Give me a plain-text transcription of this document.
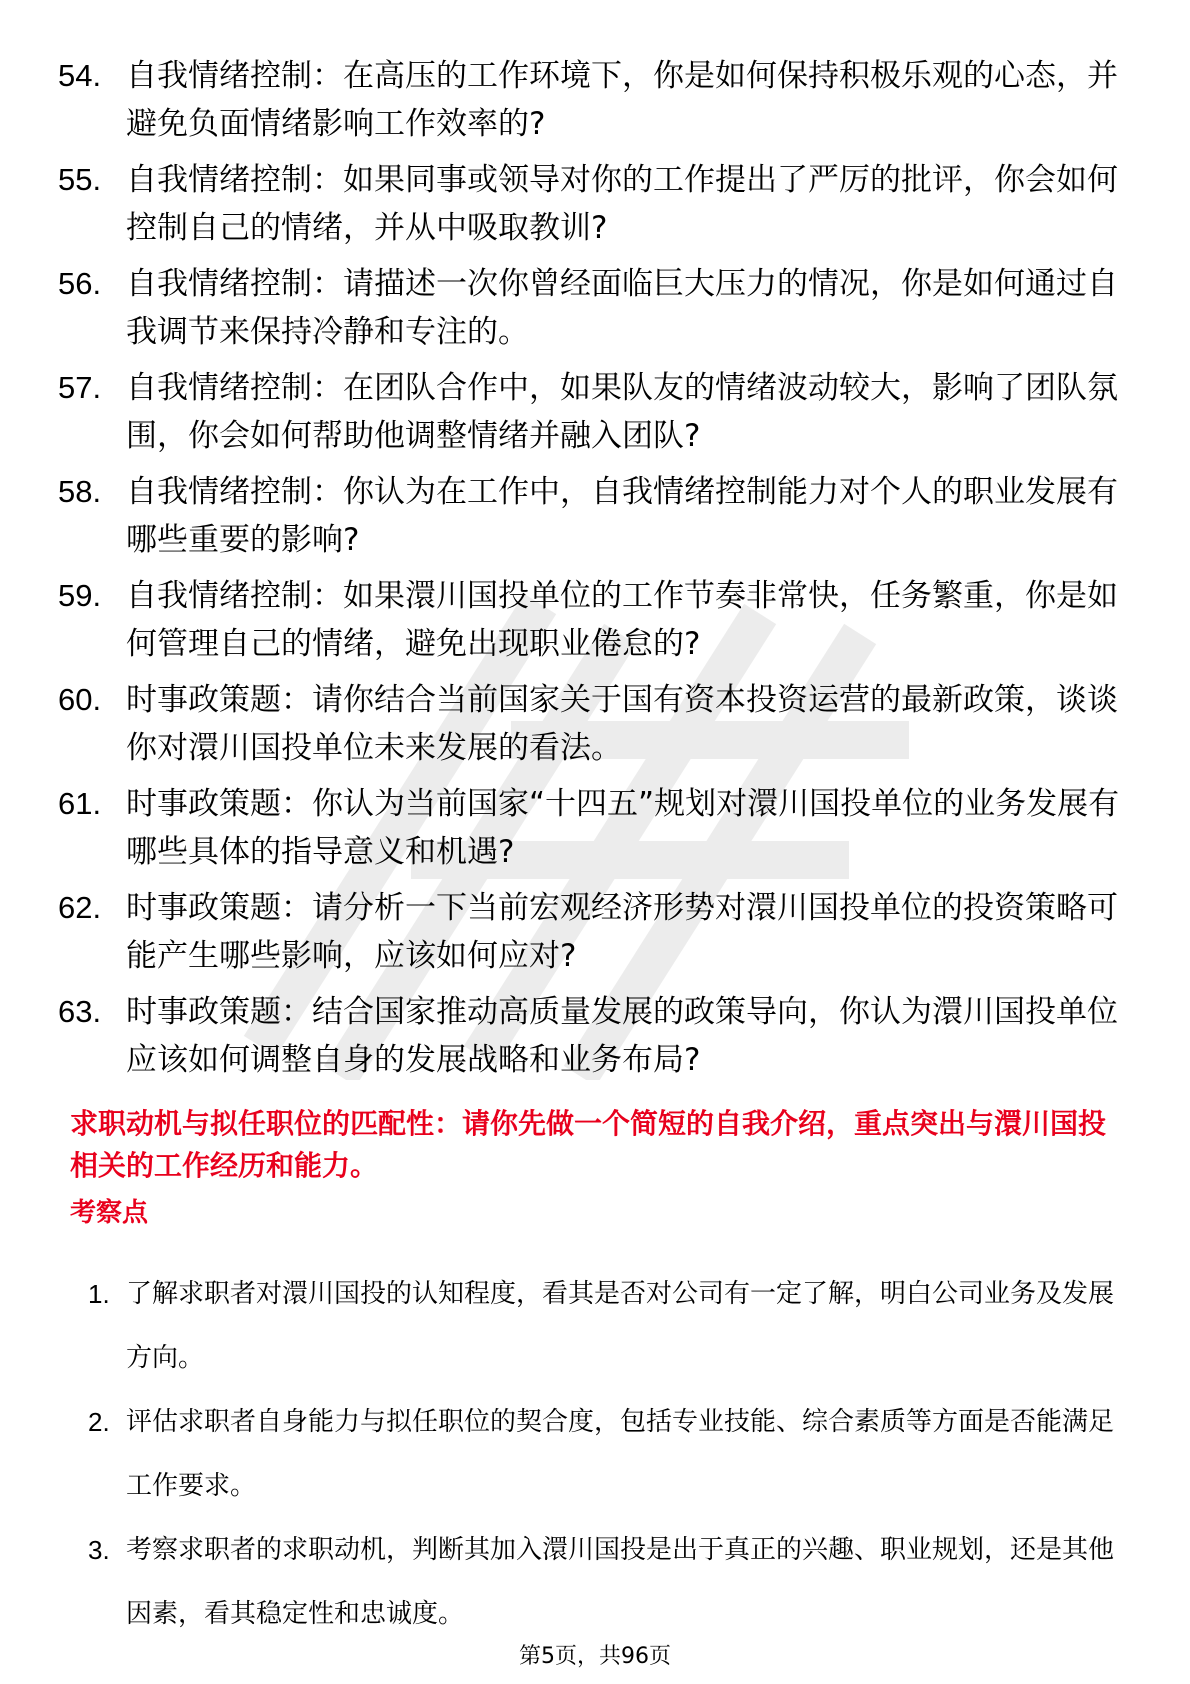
54. 自我情绪控制：在高压的工作环境下，你是如何保持积极乐观的心态，并避免负面情绪影响工作效率的?
55. 自我情绪控制：如果同事或领导对你的工作提出了严厉的批评，你会如何控制自己的情绪，并从中吸取教训?
56. 自我情绪控制：请描述一次你曾经面临巨大压力的情况，你是如何通过自我调节来保持冷静和专注的。
57. 自我情绪控制：在团队合作中，如果队友的情绪波动较大，影响了团队氛围，你会如何帮助他调整情绪并融入团队?
58. 自我情绪控制：你认为在工作中，自我情绪控制能力对个人的职业发展有哪些重要的影响?
59. 自我情绪控制：如果澴川国投单位的工作节奏非常快，任务繁重，你是如何管理自己的情绪，避免出现职业倦怠的?
60. 时事政策题：请你结合当前国家关于国有资本投资运营的最新政策，谈谈你对澴川国投单位未来发展的看法。
61. 时事政策题：你认为当前国家“十四五”规划对澴川国投单位的业务发展有哪些具体的指导意义和机遇?
62. 时事政策题：请分析一下当前宏观经济形势对澴川国投单位的投资策略可能产生哪些影响，应该如何应对?
63. 时事政策题：结合国家推动高质量发展的政策导向，你认为澴川国投单位应该如何调整自身的发展战略和业务布局?

求职动机与拟任职位的匹配性：请你先做一个简短的自我介绍，重点突出与澴川国投相关的工作经历和能力。

考察点

1. 了解求职者对澴川国投的认知程度，看其是否对公司有一定了解，明白公司业务及发展方向。
2. 评估求职者自身能力与拟任职位的契合度，包括专业技能、综合素质等方面是否能满足工作要求。
3. 考察求职者的求职动机，判断其加入澴川国投是出于真正的兴趣、职业规划，还是其他因素，看其稳定性和忠诚度。

第5页，共96页
